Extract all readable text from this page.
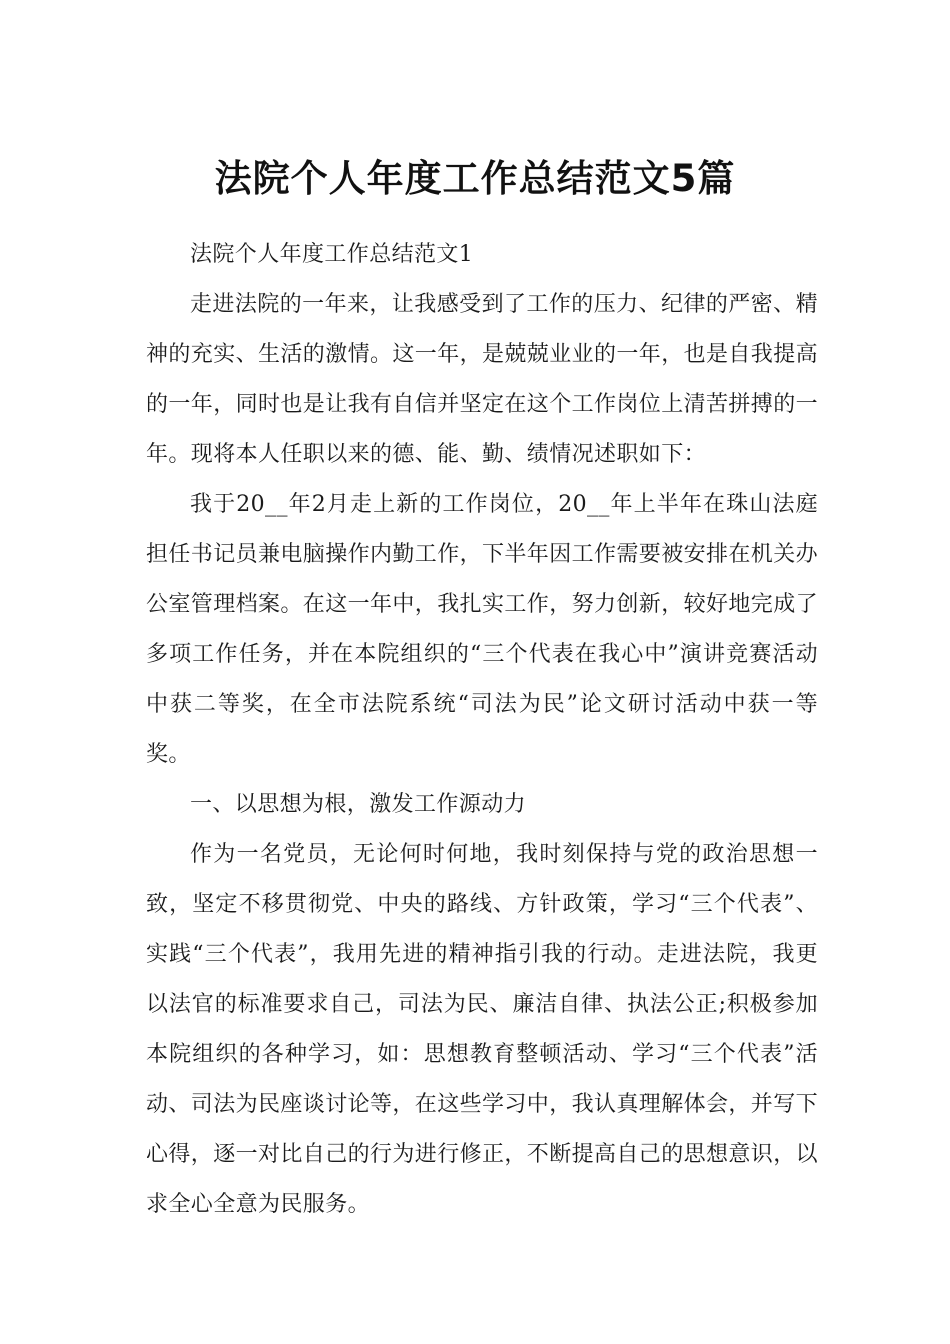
法院个人年度工作总结范文5篇

法院个人年度工作总结范文1

走进法院的一年来，让我感受到了工作的压力、纪律的严密、精神的充实、生活的激情。这一年，是兢兢业业的一年，也是自我提高的一年，同时也是让我有自信并坚定在这个工作岗位上清苦拼搏的一年。现将本人任职以来的德、能、勤、绩情况述职如下：

我于20__年2月走上新的工作岗位，20__年上半年在珠山法庭担任书记员兼电脑操作内勤工作，下半年因工作需要被安排在机关办公室管理档案。在这一年中，我扎实工作，努力创新，较好地完成了多项工作任务，并在本院组织的“三个代表在我心中”演讲竞赛活动中获二等奖，在全市法院系统“司法为民”论文研讨活动中获一等奖。

一、以思想为根，激发工作源动力

作为一名党员，无论何时何地，我时刻保持与党的政治思想一致，坚定不移贯彻党、中央的路线、方针政策，学习“三个代表”、实践“三个代表”，我用先进的精神指引我的行动。走进法院，我更以法官的标准要求自己，司法为民、廉洁自律、执法公正;积极参加本院组织的各种学习，如：思想教育整顿活动、学习“三个代表”活动、司法为民座谈讨论等，在这些学习中，我认真理解体会，并写下心得，逐一对比自己的行为进行修正，不断提高自己的思想意识，以求全心全意为民服务。
